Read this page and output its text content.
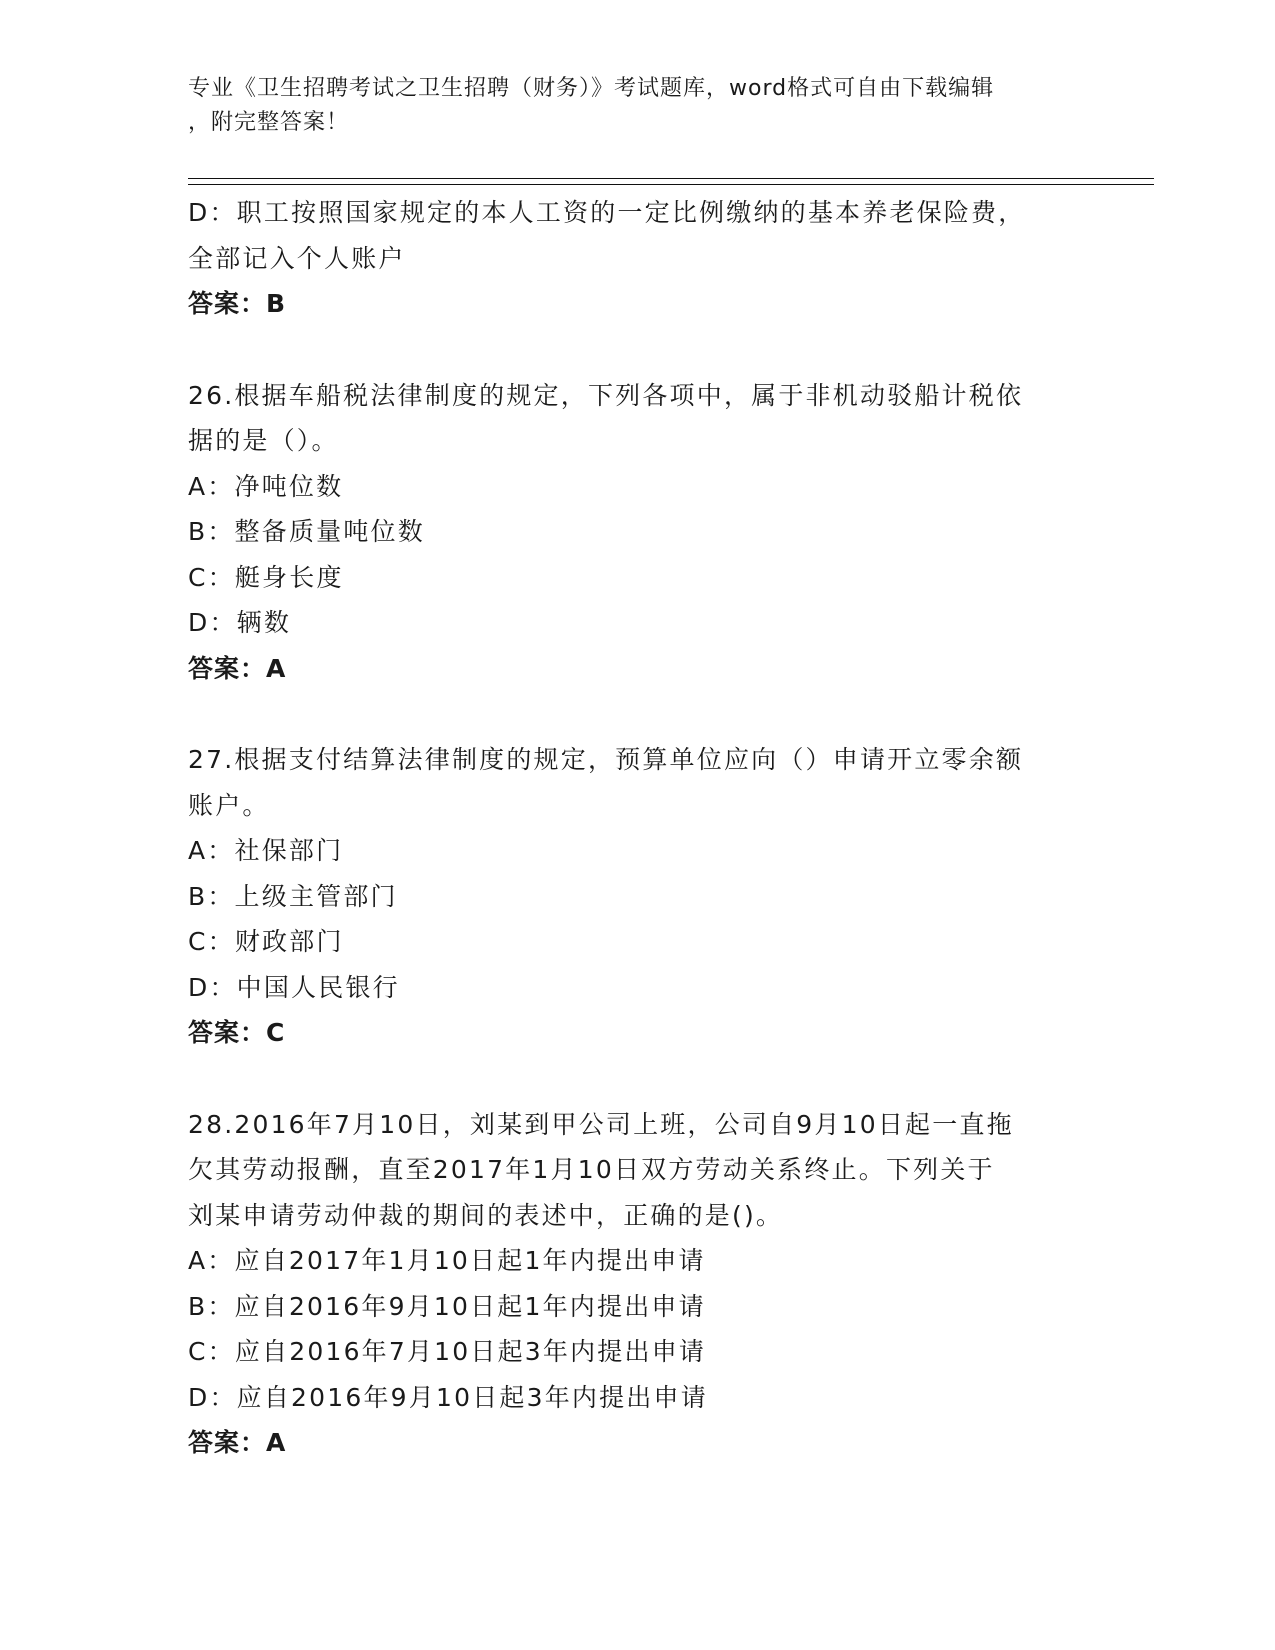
专业《卫生招聘考试之卫生招聘（财务）》考试题库，word格式可自由下载编辑
，附完整答案！
D：职工按照国家规定的本人工资的一定比例缴纳的基本养老保险费，
全部记入个人账户
答案：B
26.根据车船税法律制度的规定，下列各项中，属于非机动驳船计税依
据的是（）。
A：净吨位数
B：整备质量吨位数
C：艇身长度
D：辆数
答案：A
27.根据支付结算法律制度的规定，预算单位应向（）申请开立零余额
账户。
A：社保部门
B：上级主管部门
C：财政部门
D：中国人民银行
答案：C
28.2016年7月10日，刘某到甲公司上班，公司自9月10日起一直拖
欠其劳动报酬，直至2017年1月10日双方劳动关系终止。下列关于
刘某申请劳动仲裁的期间的表述中，正确的是()。
A：应自2017年1月10日起1年内提出申请
B：应自2016年9月10日起1年内提出申请
C：应自2016年7月10日起3年内提出申请
D：应自2016年9月10日起3年内提出申请
答案：A
